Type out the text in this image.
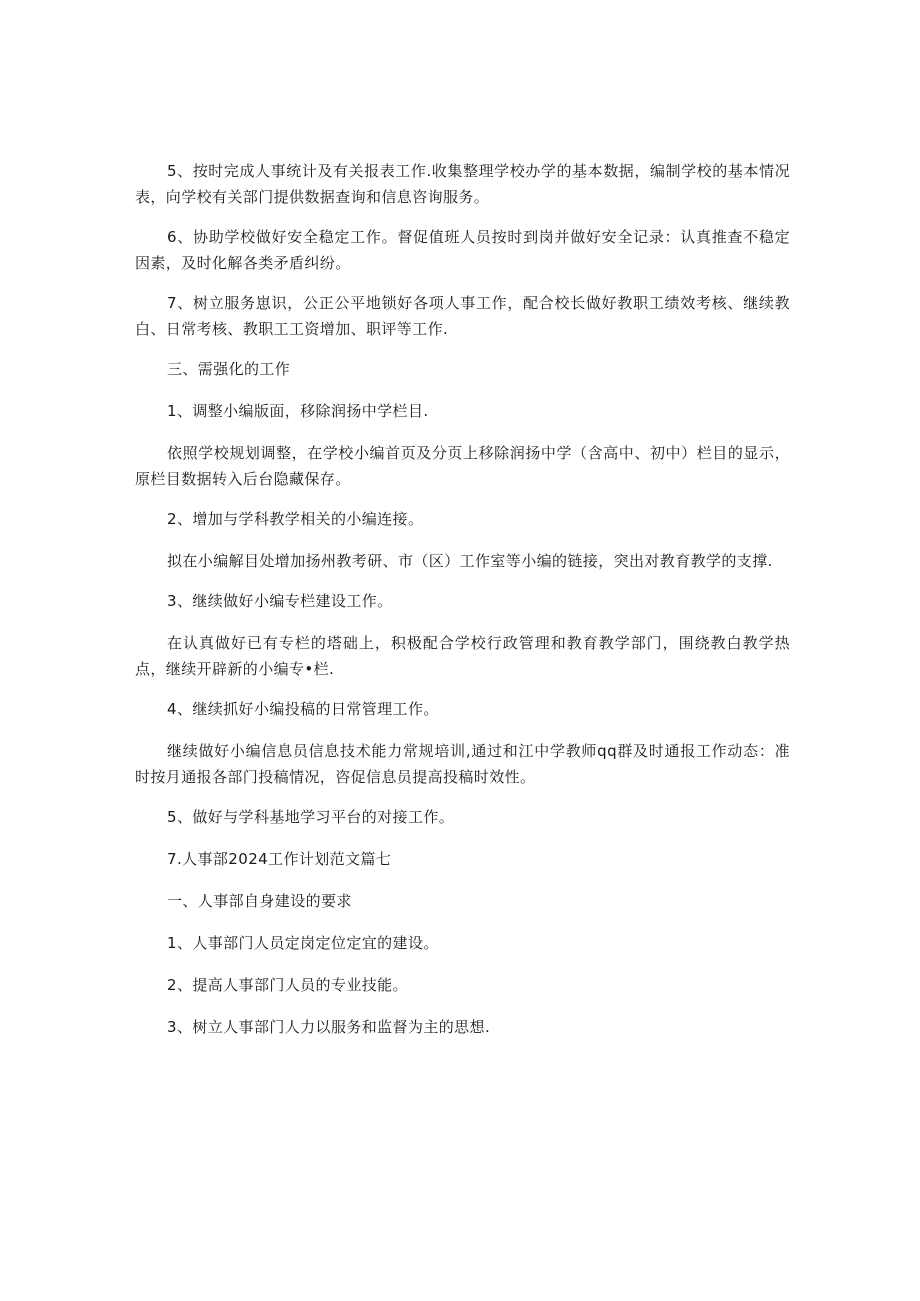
5、按时完成人事统计及有关报表工作.收集整理学校办学的基本数据，编制学校的基本情况表，向学校有关部门提供数据查询和信息咨询服务。

6、协助学校做好安全稳定工作。督促值班人员按时到岗并做好安全记录：认真推查不稳定因素，及时化解各类矛盾纠纷。

7、树立服务崽识，公正公平地锁好各项人事工作，配合校长做好教职工绩效考核、继续教白、日常考核、教职工工资增加、职评等工作.

三、需强化的工作

1、调整小编版面，移除润扬中学栏目.

依照学校规划调整，在学校小编首页及分页上移除润扬中学（含高中、初中）栏目的显示，原栏目数据转入后台隐藏保存。

2、增加与学科教学相关的小编连接。

拟在小编解目处增加扬州教考研、市（区）工作室等小编的链接，突出对教育教学的支撑.

3、继续做好小编专栏建设工作。

在认真做好已有专栏的塔础上，积极配合学校行政管理和教育教学部门，围绕教白教学热点，继续开辟新的小编专•栏.

4、继续抓好小编投稿的日常管理工作。

继续做好小编信息员信息技术能力常规培训,通过和江中学教师qq群及时通报工作动态：准时按月通报各部门投稿情况，咨促信息员提高投稿时效性。

5、做好与学科基地学习平台的对接工作。

7.人事部2024工作计划范文篇七

一、人事部自身建设的要求

1、人事部门人员定岗定位定宜的建设。

2、提高人事部门人员的专业技能。

3、树立人事部门人力以服务和监督为主的思想.
